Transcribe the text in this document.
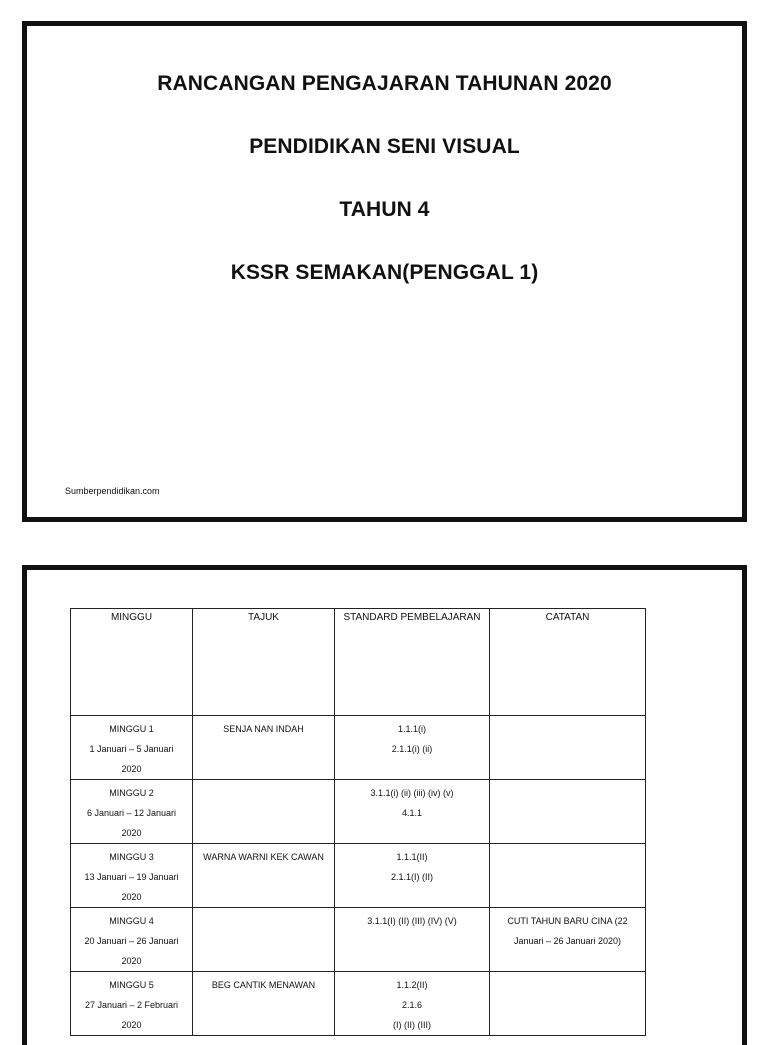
RANCANGAN PENGAJARAN TAHUNAN 2020
PENDIDIKAN SENI VISUAL
TAHUN 4
KSSR SEMAKAN(PENGGAL 1)
Sumberpendidikan.com
MINGGU	TAJUK	STANDARD PEMBELAJARAN	CATATAN

MINGGU 1
1 Januari – 5 Januari
2020	SENJA NAN INDAH	1.1.1(i)
2.1.1(i) (ii)	

MINGGU 2
6 Januari – 12 Januari
2020		3.1.1(i) (ii) (iii) (iv) (v)
4.1.1	

MINGGU 3
13 Januari – 19 Januari
2020	WARNA WARNI KEK CAWAN	1.1.1(II)
2.1.1(I) (II)	

MINGGU 4
20 Januari – 26 Januari
2020		3.1.1(I) (II) (III) (IV) (V)	CUTI TAHUN BARU CINA (22 Januari – 26 Januari 2020)

MINGGU 5
27 Januari – 2 Februari
2020	BEG CANTIK MENAWAN	1.1.2(II)
2.1.6
(I) (II) (III)	
